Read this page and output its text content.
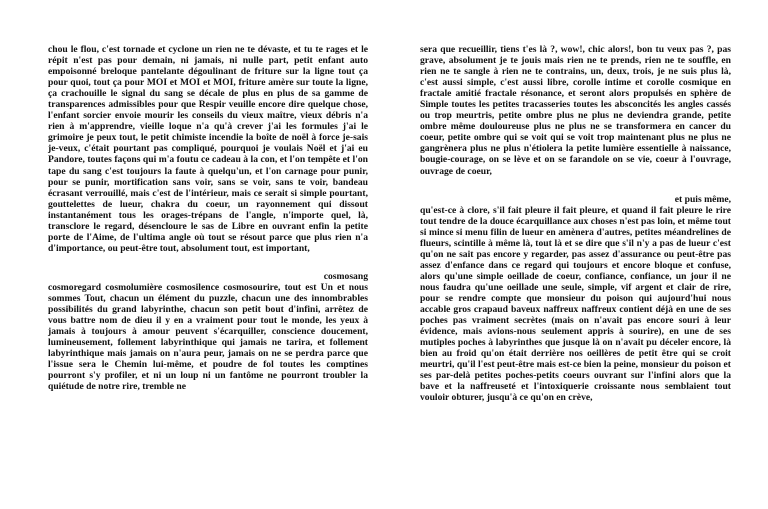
chou le flou, c'est tornade et cyclone un rien ne te dévaste, et tu te rages et le répit n'est pas pour demain, ni jamais, ni nulle part, petit enfant auto empoisonné breloque pantelante dégoulinant de friture sur la ligne tout ça pour quoi, tout ça pour MOI et MOI et MOI, friture amère sur toute la ligne, ça crachouille le signal du sang se décale de plus en plus de sa gamme de transparences admissibles pour que Respir veuille encore dire quelque chose, l'enfant sorcier envoie mourir les conseils du vieux maître, vieux débris n'a rien à m'apprendre, vieille loque n'a qu'à crever j'ai les formules j'ai le grimoire je peux tout, le petit chimiste incendie la boîte de noël à force je-sais je-veux, c'était pourtant pas compliqué, pourquoi je voulais Noël et j'ai eu Pandore, toutes façons qui m'a foutu ce cadeau à la con, et l'on tempête et l'on tape du sang c'est toujours la faute à quelqu'un, et l'on carnage pour punir, pour se punir, mortification sans voir, sans se voir, sans te voir, bandeau écrasant verrouillé, mais c'est de l'intérieur, mais ce serait si simple pourtant, gouttelettes de lueur, chakra du coeur, un rayonnement qui dissout instantanément tous les orages-trépans de l'angle, n'importe quel, là, transclore le regard, désencloure le sas de Libre en ouvrant enfin la petite porte de l'Aime, de l'ultima angle où tout se résout parce que plus rien n'a d'importance, ou peut-être tout, absolument tout, est important,

cosmosang

cosmoregard cosmolumière cosmosilence cosmosourire, tout est Un et nous sommes Tout, chacun un élément du puzzle, chacun une des innombrables possibilités du grand labyrinthe, chacun son petit bout d'infini, arrêtez de vous battre nom de dieu il y en a vraiment pour tout le monde, les yeux à jamais à toujours à amour peuvent s'écarquiller, conscience doucement, lumineusement, follement labyrinthique qui jamais ne tarira, et follement labyrinthique mais jamais on n'aura peur, jamais on ne se perdra parce que l'issue sera le Chemin lui-même, et poudre de fol toutes les comptines pourront s'y profiler, et ni un loup ni un fantôme ne pourront troubler la quiétude de notre rire, tremble ne

sera que recueillir, tiens t'es là ?, wow!, chic alors!, bon tu veux pas ?, pas grave, absolument je te jouis mais rien ne te prends, rien ne te souffle, en rien ne te sangle à rien ne te contrains, un, deux, trois, je ne suis plus là, c'est aussi simple, c'est aussi libre, corolle intime et corolle cosmique en fractale amitié fractale résonance, et seront alors propulsés en sphère de Simple toutes les petites tracasseries toutes les absconcités les angles cassés ou trop meurtris, petite ombre plus ne plus ne deviendra grande, petite ombre même douloureuse plus ne plus ne se transformera en cancer du coeur, petite ombre qui se voit qui se voit trop maintenant plus ne plus ne gangrènera plus ne plus n'étiolera la petite lumière essentielle à naissance, bougie-courage, on se lève et on se farandole on se vie, coeur à l'ouvrage, ouvrage de coeur,

et puis même,

qu'est-ce à clore, s'il fait pleure il fait pleure, et quand il fait pleure le rire tout tendre de la douce écarquillance aux choses n'est pas loin, et même tout si mince si menu filin de lueur en amènera d'autres, petites méandrelines de flueurs, scintille à même là, tout là et se dire que s'il n'y a pas de lueur c'est qu'on ne sait pas encore y regarder, pas assez d'assurance ou peut-être pas assez d'enfance dans ce regard qui toujours et encore bloque et confuse, alors qu'une simple oeillade de coeur, confiance, confiance, un jour il ne nous faudra qu'une oeillade une seule, simple, vif argent et clair de rire, pour se rendre compte que monsieur du poison qui aujourd'hui nous accable gros crapaud baveux naffreux naffreux contient déjà en une de ses poches pas vraiment secrètes (mais on n'avait pas encore souri à leur évidence, mais avions-nous seulement appris à sourire), en une de ses mutiples poches à labyrinthes que jusque là on n'avait pu déceler encore, là bien au froid qu'on était derrière nos oeillères de petit être qui se croit meurtri, qu'il l'est peut-être mais est-ce bien la peine, monsieur du poison et ses par-delà petites poches-petits coeurs ouvrant sur l'infini alors que la bave et la naffreuseté et l'intoxiquerie croissante nous semblaient tout vouloir obturer, jusqu'à ce qu'on en crève,
